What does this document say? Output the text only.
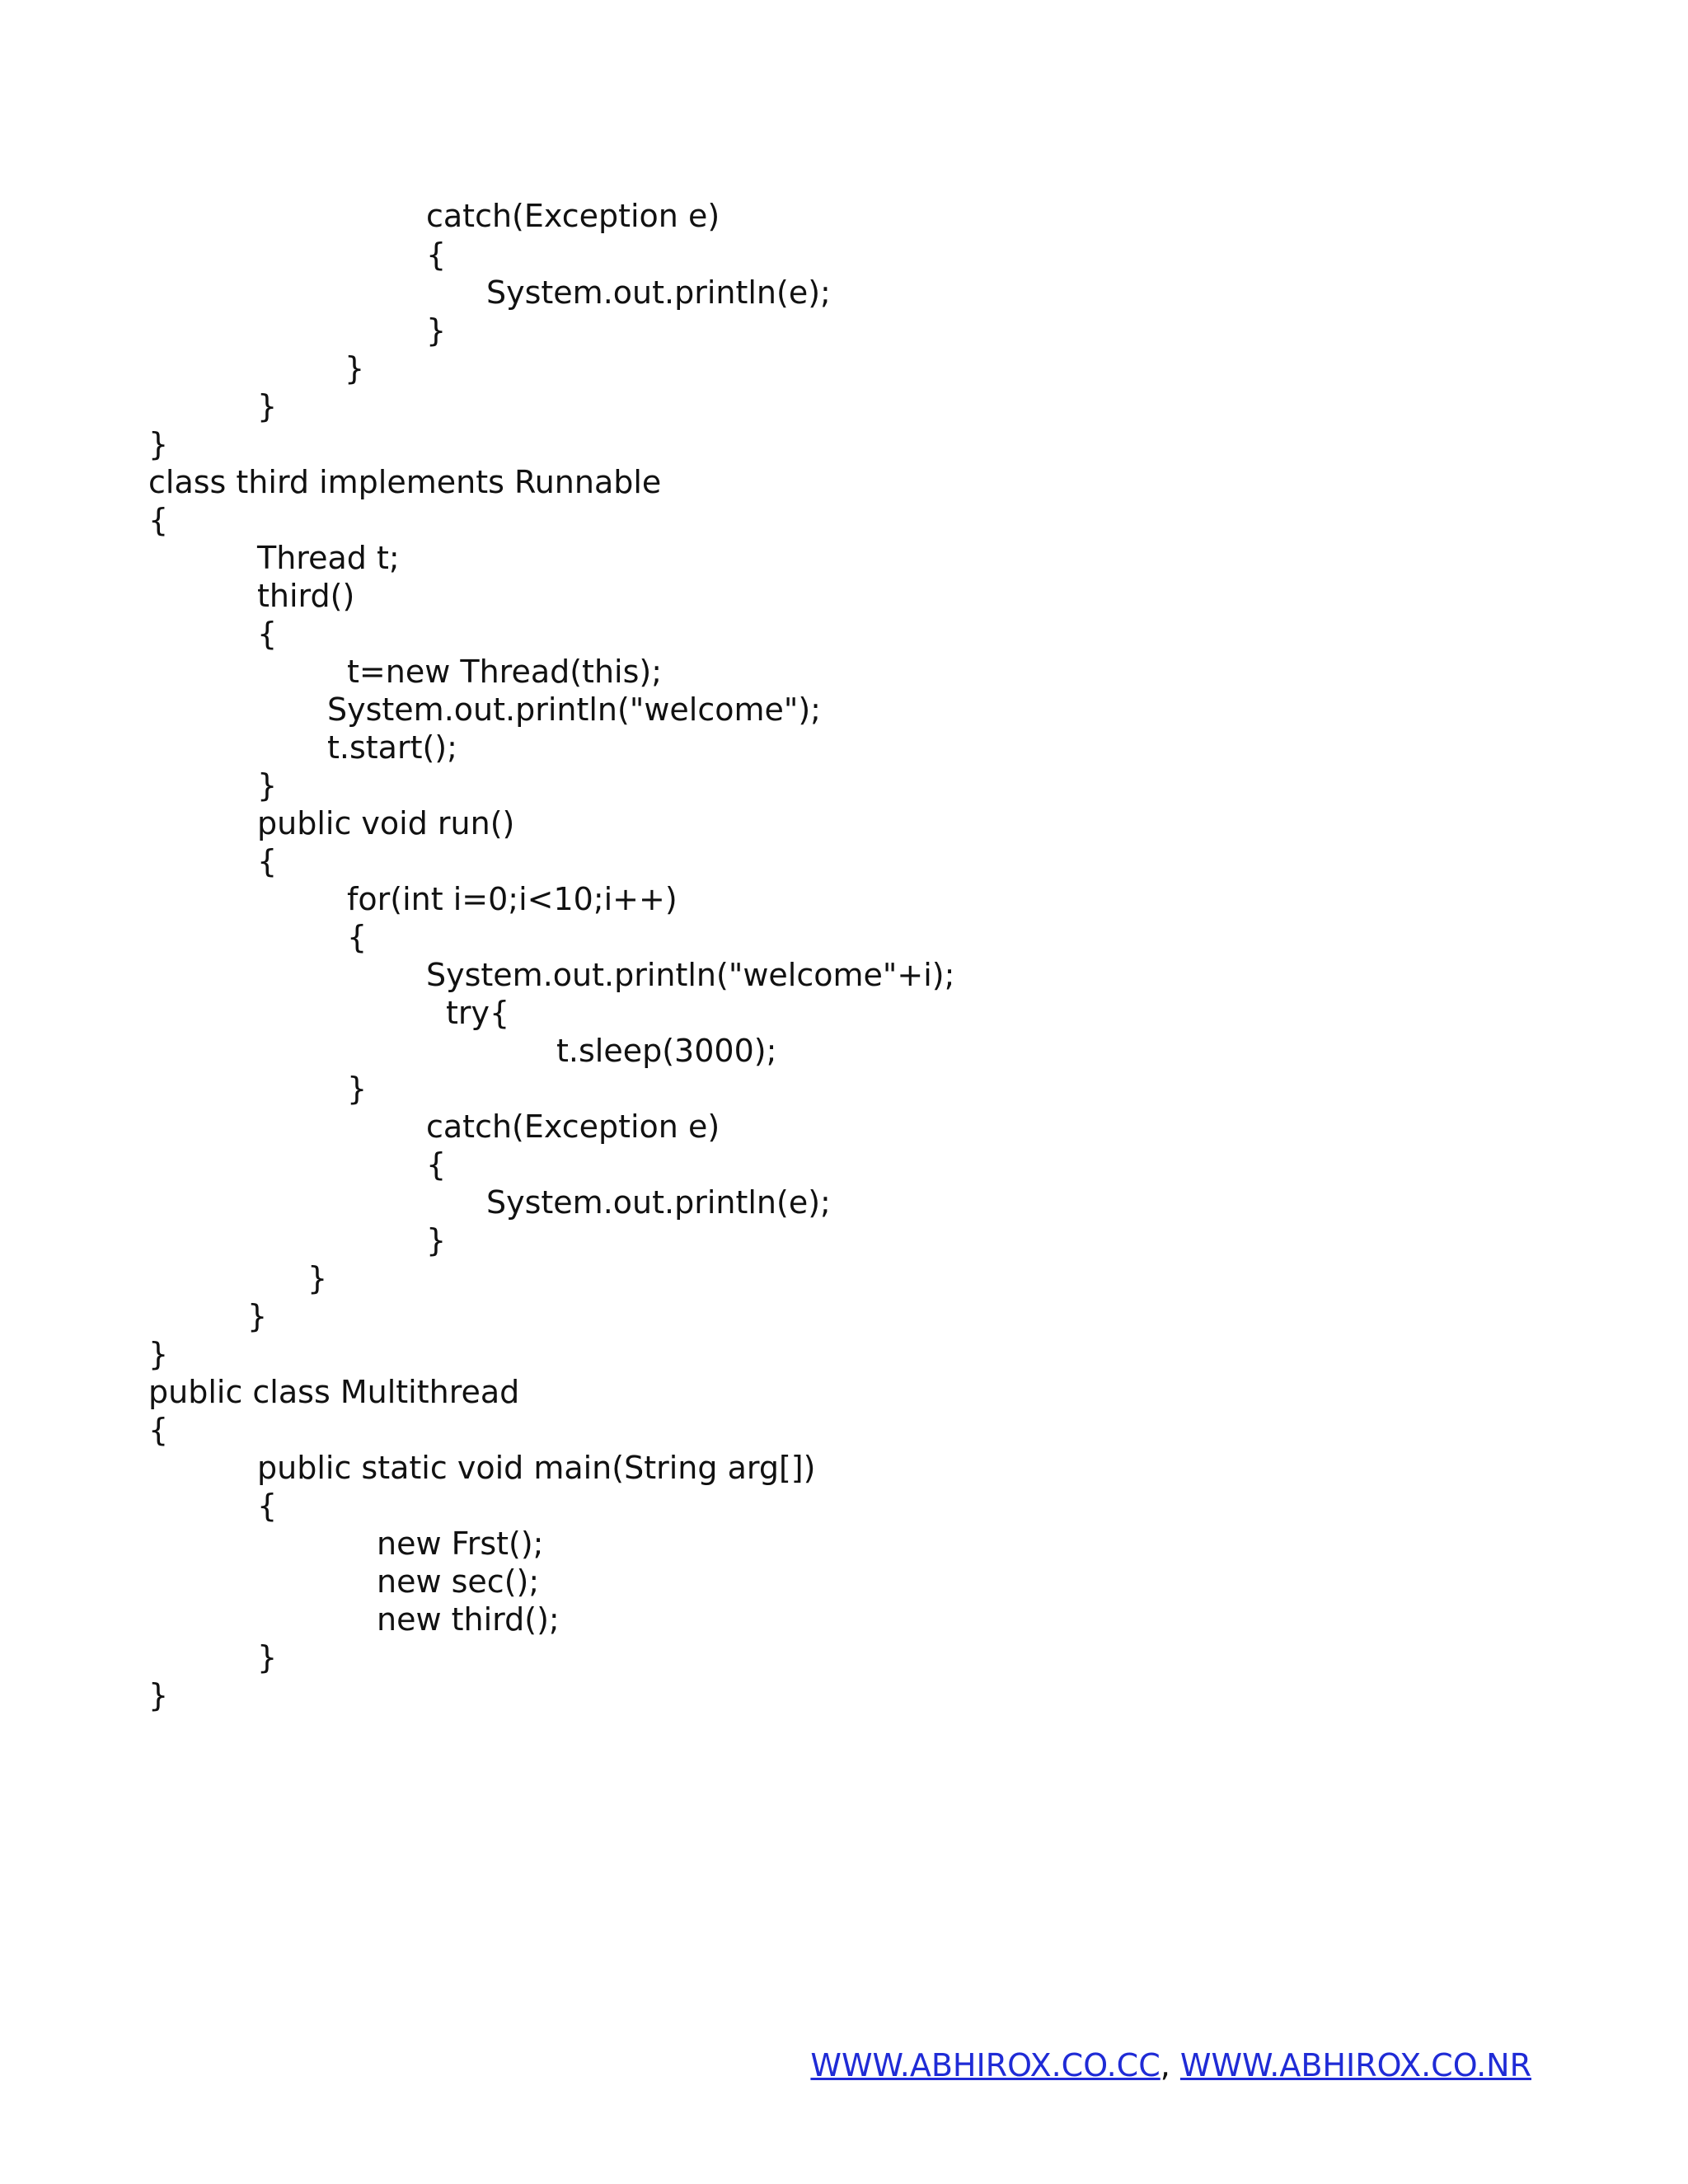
catch(Exception e)
{
System.out.println(e);
}
}
}
}
class third implements Runnable
{
Thread t;
third()
{
t=new Thread(this);
System.out.println("welcome");
t.start();
}
public void run()
{
for(int i=0;i<10;i++)
{
System.out.println("welcome"+i);
try{
t.sleep(3000);
}
catch(Exception e)
{
System.out.println(e);
}
}
}
}
public class Multithread
{
public static void main(String arg[])
{
new Frst();
new sec();
new third();
}
}
WWW.ABHIROX.CO.CC, WWW.ABHIROX.CO.NR
